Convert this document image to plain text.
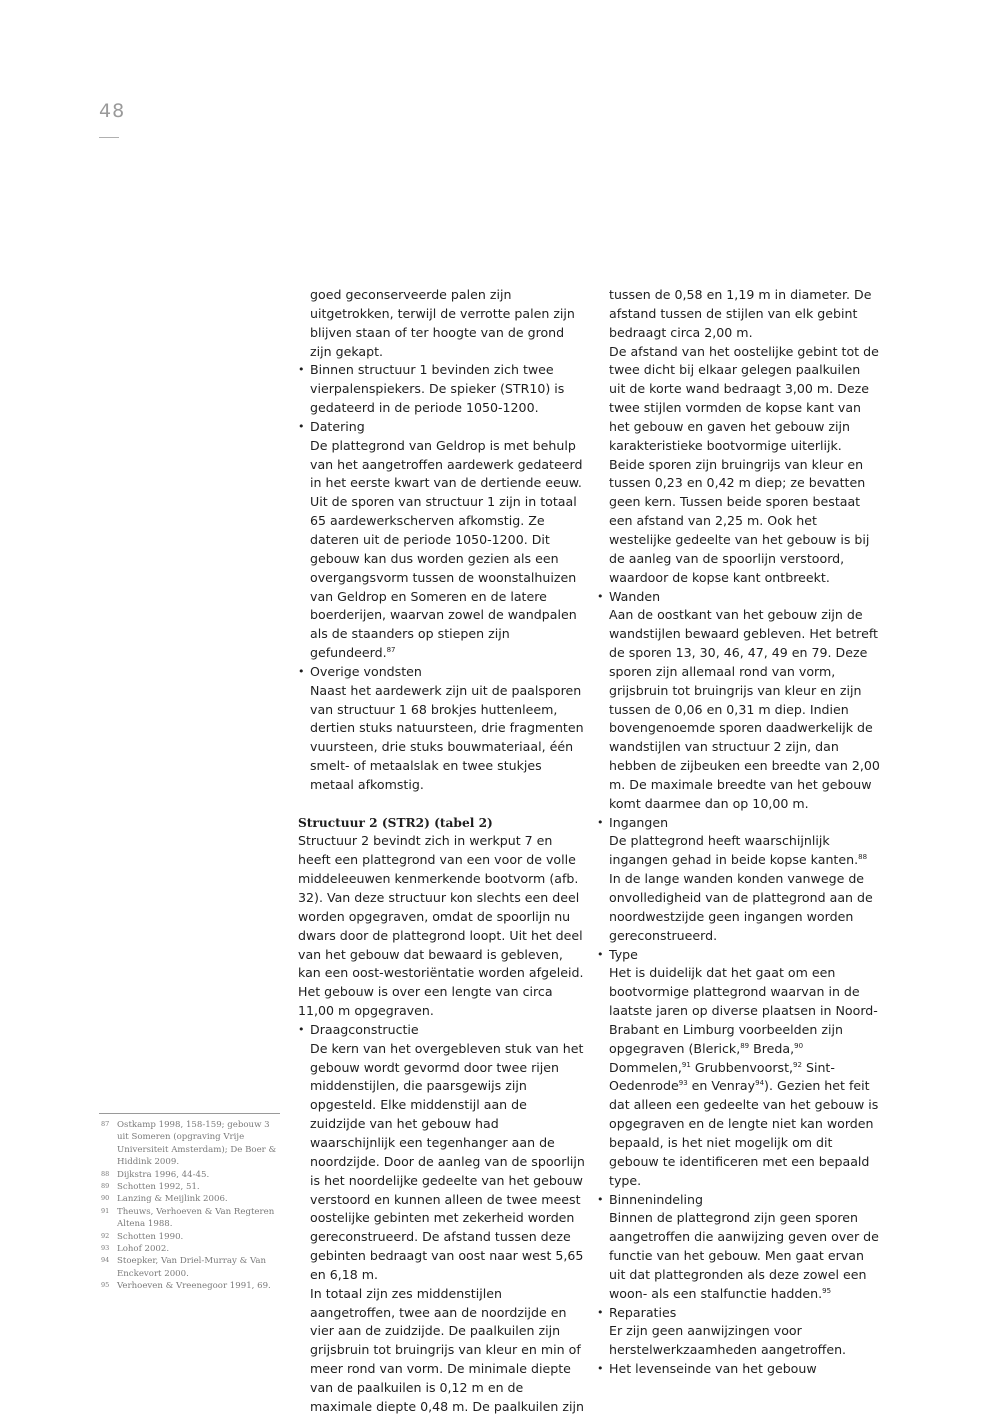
48

goed geconserveerde palen zijn uitgetrokken, terwijl de verrotte palen zijn blijven staan of ter hoogte van de grond zijn gekapt.

• Binnen structuur 1 bevinden zich twee vierpalenspiekers. De spieker (STR10) is gedateerd in de periode 1050-1200.

• Datering

De plattegrond van Geldrop is met behulp van het aangetroffen aardewerk gedateerd in het eerste kwart van de dertiende eeuw. Uit de sporen van structuur 1 zijn in totaal 65 aardewerkscherven afkomstig. Ze dateren uit de periode 1050-1200. Dit gebouw kan dus worden gezien als een overgangsvorm tussen de woonstalhuizen van Geldrop en Someren en de latere boerderijen, waarvan zowel de wandpalen als de staanders op stiepen zijn gefundeerd.$^{87}$

• Overige vondsten

Naast het aardewerk zijn uit de paalsporen van structuur 1 68 brokjes huttenleem, dertien stuks natuursteen, drie fragmenten vuursteen, drie stuks bouwmateriaal, één smelt- of metaalslak en twee stukjes metaal afkomstig.

Structuur 2 (STR2) (tabel 2)

Structuur 2 bevindt zich in werkput 7 en heeft een plattegrond van een voor de volle middeleeuwen kenmerkende bootvorm (afb. 32). Van deze structuur kon slechts een deel worden opgegraven, omdat de spoorlijn nu dwars door de plattegrond loopt. Uit het deel van het gebouw dat bewaard is gebleven, kan een oost-westoriëntatie worden afgeleid. Het gebouw is over een lengte van circa 11,00 m opgegraven.

• Draagconstructie

De kern van het overgebleven stuk van het gebouw wordt gevormd door twee rijen middenstijlen, die paarsgewijs zijn opgesteld. Elke middenstijl aan de zuidzijde van het gebouw had waarschijnlijk een tegenhanger aan de noordzijde. Door de aanleg van de spoorlijn is het noordelijke gedeelte van het gebouw verstoord en kunnen alleen de twee meest oostelijke gebinten met zekerheid worden gereconstrueerd. De afstand tussen deze gebinten bedraagt van oost naar west 5,65 en 6,18 m.

In totaal zijn zes middenstijlen aangetroffen, twee aan de noordzijde en vier aan de zuidzijde. De paalkuilen zijn grijsbruin tot bruingrijs van kleur en min of meer rond van vorm. De minimale diepte van de paalkuilen is 0,12 m en de maximale diepte 0,48 m. De paalkuilen zijn

tussen de 0,58 en 1,19 m in diameter. De afstand tussen de stijlen van elk gebint bedraagt circa 2,00 m.

De afstand van het oostelijke gebint tot de twee dicht bij elkaar gelegen paalkuilen uit de korte wand bedraagt 3,00 m. Deze twee stijlen vormden de kopse kant van het gebouw en gaven het gebouw zijn karakteristieke bootvormige uiterlijk. Beide sporen zijn bruingrijs van kleur en tussen 0,23 en 0,42 m diep; ze bevatten geen kern. Tussen beide sporen bestaat een afstand van 2,25 m. Ook het westelijke gedeelte van het gebouw is bij de aanleg van de spoorlijn verstoord, waardoor de kopse kant ontbreekt.

• Wanden

Aan de oostkant van het gebouw zijn de wandstijlen bewaard gebleven. Het betreft de sporen 13, 30, 46, 47, 49 en 79. Deze sporen zijn allemaal rond van vorm, grijsbruin tot bruingrijs van kleur en zijn tussen de 0,06 en 0,31 m diep. Indien bovengenoemde sporen daadwerkelijk de wandstijlen van structuur 2 zijn, dan hebben de zijbeuken een breedte van 2,00 m. De maximale breedte van het gebouw komt daarmee dan op 10,00 m.

• Ingangen

De plattegrond heeft waarschijnlijk ingangen gehad in beide kopse kanten.$^{88}$ In de lange wanden konden vanwege de onvolledigheid van de plattegrond aan de noordwestzijde geen ingangen worden gereconstrueerd.

• Type

Het is duidelijk dat het gaat om een bootvormige plattegrond waarvan in de laatste jaren op diverse plaatsen in Noord-Brabant en Limburg voorbeelden zijn opgegraven (Blerick,$^{89}$ Breda,$^{90}$ Dommelen,$^{91}$ Grubbenvoorst,$^{92}$ Sint-Oedenrode$^{93}$ en Venray$^{94}$). Gezien het feit dat alleen een gedeelte van het gebouw is opgegraven en de lengte niet kan worden bepaald, is het niet mogelijk om dit gebouw te identificeren met een bepaald type.

• Binnenindeling

Binnen de plattegrond zijn geen sporen aangetroffen die aanwijzing geven over de functie van het gebouw. Men gaat ervan uit dat plattegronden als deze zowel een woon- als een stalfunctie hadden.$^{95}$

• Reparaties

Er zijn geen aanwijzingen voor herstelwerkzaamheden aangetroffen.

• Het levenseinde van het gebouw

87 Ostkamp 1998, 158-159; gebouw 3 uit Someren (opgraving Vrije Universiteit Amsterdam); De Boer & Hiddink 2009.
88 Dijkstra 1996, 44-45.
89 Schotten 1992, 51.
90 Lanzing & Meijlink 2006.
91 Theuws, Verhoeven & Van Regteren Altena 1988.
92 Schotten 1990.
93 Lohof 2002.
94 Stoepker, Van Driel-Murray & Van Enckevort 2000.
95 Verhoeven & Vreenegoor 1991, 69.
